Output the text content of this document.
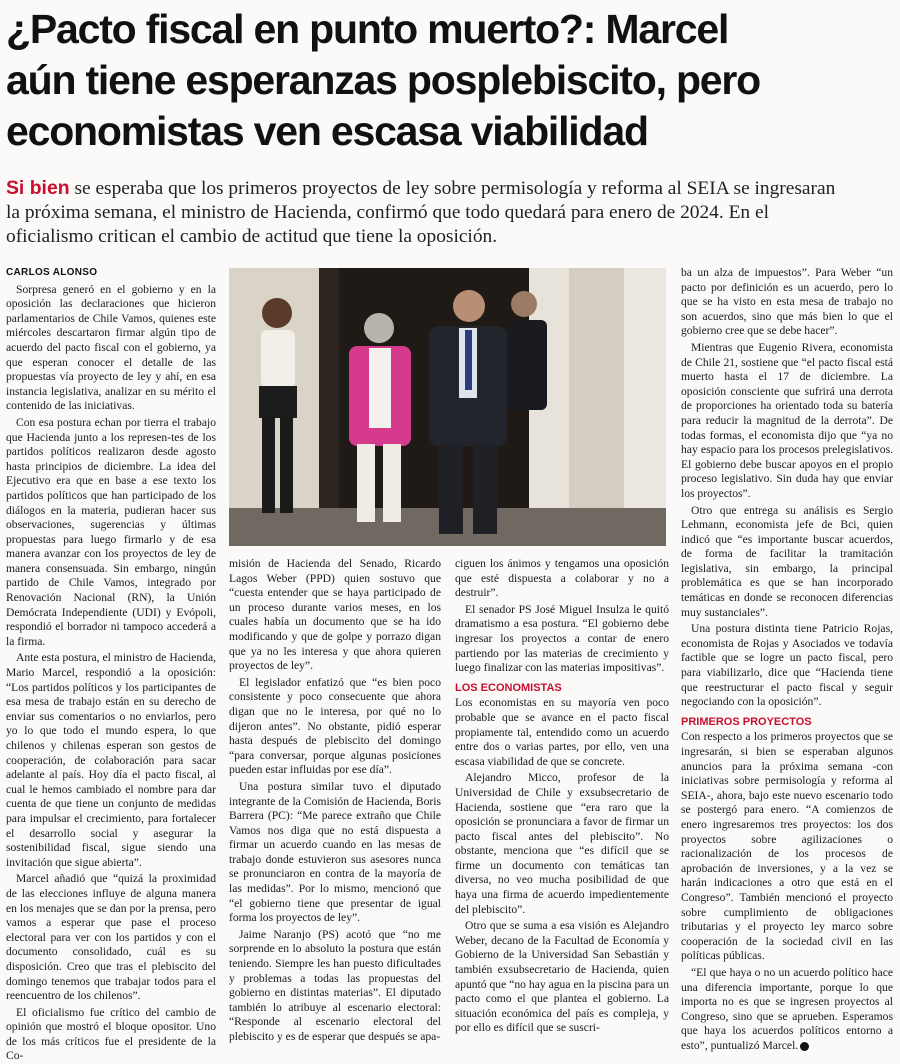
¿Pacto fiscal en punto muerto?: Marcel
aún tiene esperanzas posplebiscito, pero
economistas ven escasa viabilidad
Si bien se esperaba que los primeros proyectos de ley sobre permisología y reforma al SEIA se ingresaran
la próxima semana, el ministro de Hacienda, confirmó que todo quedará para enero de 2024. En el
oficialismo critican el cambio de actitud que tiene la oposición.
CARLOS ALONSO

Sorpresa generó en el gobierno y en la oposición las declaraciones que hicieron parlamentarios de Chile Vamos, quienes este miércoles descartaron firmar algún tipo de acuerdo del pacto fiscal con el gobierno, ya que esperan conocer el detalle de las propuestas vía proyecto de ley y ahí, en esa instancia legislativa, analizar en su mérito el contenido de las iniciativas.

Con esa postura echan por tierra el trabajo que Hacienda junto a los represen-tes de los partidos políticos realizaron desde agosto hasta principios de diciembre. La idea del Ejecutivo era que en base a ese texto los partidos políticos que han participado de los diálogos en la materia, pudieran hacer sus observaciones, sugerencias y últimas propuestas para luego firmarlo y de esa manera avanzar con los proyectos de ley de manera consensuada. Sin embargo, ningún partido de Chile Vamos, integrado por Renovación Nacional (RN), la Unión Demócrata Independiente (UDI) y Evópoli, respondió el borrador ni tampoco accederá a la firma.

Ante esta postura, el ministro de Hacienda, Mario Marcel, respondió a la oposición: “Los partidos políticos y los participantes de esa mesa de trabajo están en su derecho de enviar sus comentarios o no enviarlos, pero yo lo que todo el mundo espera, lo que chilenos y chilenas esperan son gestos de cooperación, de colaboración para sacar adelante al país. Hoy día el pacto fiscal, al cual le hemos cambiado el nombre para dar cuenta de que tiene un conjunto de medidas para impulsar el crecimiento, para fortalecer el desarrollo social y asegurar la sostenibilidad fiscal, sigue siendo una invitación que sigue abierta”.

Marcel añadió que “quizá la proximidad de las elecciones influye de alguna manera en los menajes que se dan por la prensa, pero vamos a esperar que pase el proceso electoral para ver con los partidos y con el documento consolidado, cuál es su disposición. Creo que tras el plebiscito del domingo tenemos que trabajar todos para el reencuentro de los chilenos”.

El oficialismo fue crítico del cambio de opinión que mostró el bloque opositor. Uno de los más críticos fue el presidente de la Co-

misión de Hacienda del Senado, Ricardo Lagos Weber (PPD) quien sostuvo que “cuesta entender que se haya participado de un proceso durante varios meses, en los cuales había un documento que se ha ido modificando y que de golpe y porrazo digan que ya no les interesa y que ahora quieren proyectos de ley”.

El legislador enfatizó que “es bien poco consistente y poco consecuente que ahora digan que no le interesa, por qué no lo dijeron antes”. No obstante, pidió esperar hasta después de plebiscito del domingo “para conversar, porque algunas posiciones pueden estar influidas por ese día”.

Una postura similar tuvo el diputado integrante de la Comisión de Hacienda, Boris Barrera (PC): “Me parece extraño que Chile Vamos nos diga que no está dispuesta a firmar un acuerdo cuando en las mesas de trabajo donde estuvieron sus asesores nunca se pronunciaron en contra de la mayoría de las medidas”. Por lo mismo, mencionó que “el gobierno tiene que presentar de igual forma los proyectos de ley”.

Jaime Naranjo (PS) acotó que “no me sorprende en lo absoluto la postura que están teniendo. Siempre les han puesto dificultades y problemas a todas las propuestas del gobierno en distintas materias”. El diputado también lo atribuye al escenario electoral: “Responde al escenario electoral del plebiscito y es de esperar que después se apa-

ciguen los ánimos y tengamos una oposición que esté dispuesta a colaborar y no a destruir”.

El senador PS José Miguel Insulza le quitó dramatismo a esa postura. “El gobierno debe ingresar los proyectos a contar de enero partiendo por las materias de crecimiento y luego finalizar con las materias impositivas”.

LOS ECONOMISTAS

Los economistas en su mayoría ven poco probable que se avance en el pacto fiscal propiamente tal, entendido como un acuerdo entre dos o varias partes, por ello, ven una escasa viabilidad de que se concrete.

Alejandro Micco, profesor de la Universidad de Chile y exsubsecretario de Hacienda, sostiene que “era raro que la oposición se pronunciara a favor de firmar un pacto fiscal antes del plebiscito”. No obstante, menciona que “es difícil que se firme un documento con temáticas tan diversa, no veo mucha posibilidad de que haya una firma de acuerdo impedientemente del plebiscito”.

Otro que se suma a esa visión es Alejandro Weber, decano de la Facultad de Economía y Gobierno de la Universidad San Sebastián y también exsubsecretario de Hacienda, quien apuntó que “no hay agua en la piscina para un pacto como el que plantea el gobierno. La situación económica del país es compleja, y por ello es difícil que se suscri-

ba un alza de impuestos”. Para Weber “un pacto por definición es un acuerdo, pero lo que se ha visto en esta mesa de trabajo no son acuerdos, sino que más bien lo que el gobierno cree que se debe hacer”.

Mientras que Eugenio Rivera, economista de Chile 21, sostiene que “el pacto fiscal está muerto hasta el 17 de diciembre. La oposición consciente que sufrirá una derrota de proporciones ha orientado toda su batería para reducir la magnitud de la derrota”. De todas formas, el economista dijo que “ya no hay espacio para los procesos prelegislativos. El gobierno debe buscar apoyos en el propio proceso legislativo. Sin duda hay que enviar los proyectos”.

Otro que entrega su análisis es Sergio Lehmann, economista jefe de Bci, quien indicó que “es importante buscar acuerdos, de forma de facilitar la tramitación legislativa, sin embargo, la principal problemática es que se han incorporado temáticas en donde se reconocen diferencias muy sustanciales”.

Una postura distinta tiene Patricio Rojas, economista de Rojas y Asociados ve todavía factible que se logre un pacto fiscal, pero para viabilizarlo, dice que “Hacienda tiene que reestructurar el pacto fiscal y seguir negociando con la oposición”.

PRIMEROS PROYECTOS

Con respecto a los primeros proyectos que se ingresarán, si bien se esperaban algunos anuncios para la próxima semana -con iniciativas sobre permisología y reforma al SEIA-, ahora, bajo este nuevo escenario todo se postergó para enero. “A comienzos de enero ingresaremos tres proyectos: los dos proyectos sobre agilizaciones o racionalización de los procesos de aprobación de inversiones, y a la vez se harán indicaciones a otro que está en el Congreso”. También mencionó el proyecto sobre cumplimiento de obligaciones tributarias y el proyecto ley marco sobre cooperación de la sociedad civil en las políticas públicas.

“El que haya o no un acuerdo político hace una diferencia importante, porque lo que importa no es que se ingresen proyectos al Congreso, sino que se aprueben. Esperamos que haya los acuerdos políticos entorno a esto”, puntualizó Marcel.
